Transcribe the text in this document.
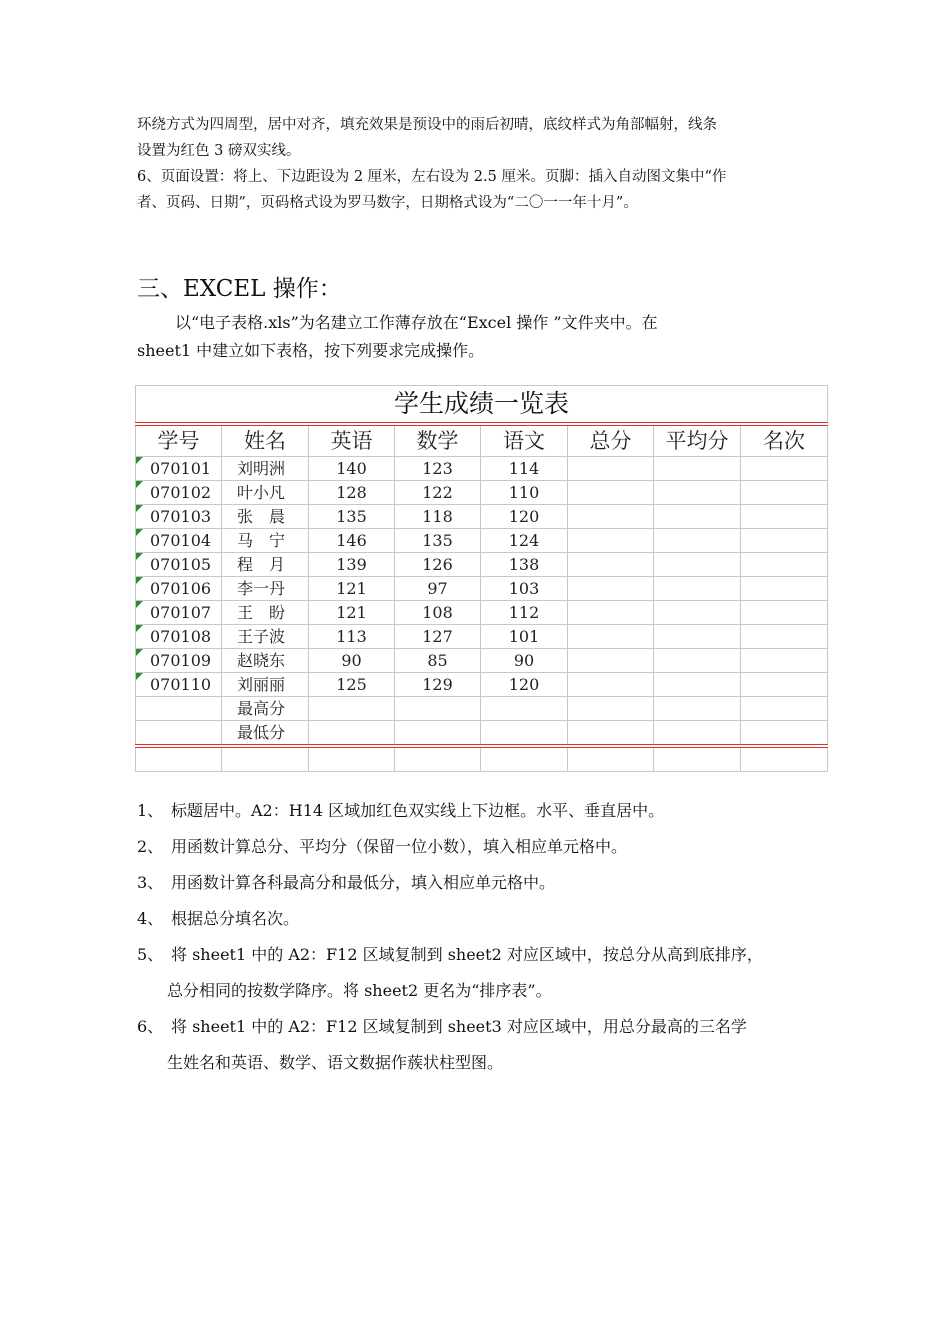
环绕方式为四周型，居中对齐，填充效果是预设中的雨后初晴，底纹样式为角部幅射，线条
设置为红色 3 磅双实线。
6、页面设置：将上、下边距设为 2 厘米，左右设为 2.5 厘米。页脚：插入自动图文集中“作
者、页码、日期”，页码格式设为罗马数字，日期格式设为“二〇一一年十月”。
三、EXCEL 操作：
以“电子表格.xls”为名建立工作薄存放在“Excel 操作 ”文件夹中。在
sheet1 中建立如下表格，按下列要求完成操作。
学生成绩一览表							
学号	姓名	英语	数学	语文	总分	平均分	名次

070101	刘明洲	140	123	114			

070102	叶小凡	128	122	110			

070103	张　晨	135	118	120			

070104	马　宁	146	135	124			

070105	程　月	139	126	138			

070106	李一丹	121	97	103			

070107	王　盼	121	108	112			

070108	王子波	113	127	101			

070109	赵晓东	90	85	90			

070110	刘丽丽	125	129	120			
	最高分						
	最低分						

1、 标题居中。A2：H14 区域加红色双实线上下边框。水平、垂直居中。
2、 用函数计算总分、平均分（保留一位小数），填入相应单元格中。
3、 用函数计算各科最高分和最低分，填入相应单元格中。
4、 根据总分填名次。
5、 将 sheet1 中的 A2：F12 区域复制到 sheet2 对应区域中，按总分从高到底排序，
总分相同的按数学降序。将 sheet2 更名为“排序表”。
6、 将 sheet1 中的 A2：F12 区域复制到 sheet3 对应区域中，用总分最高的三名学
生姓名和英语、数学、语文数据作蔟状柱型图。
